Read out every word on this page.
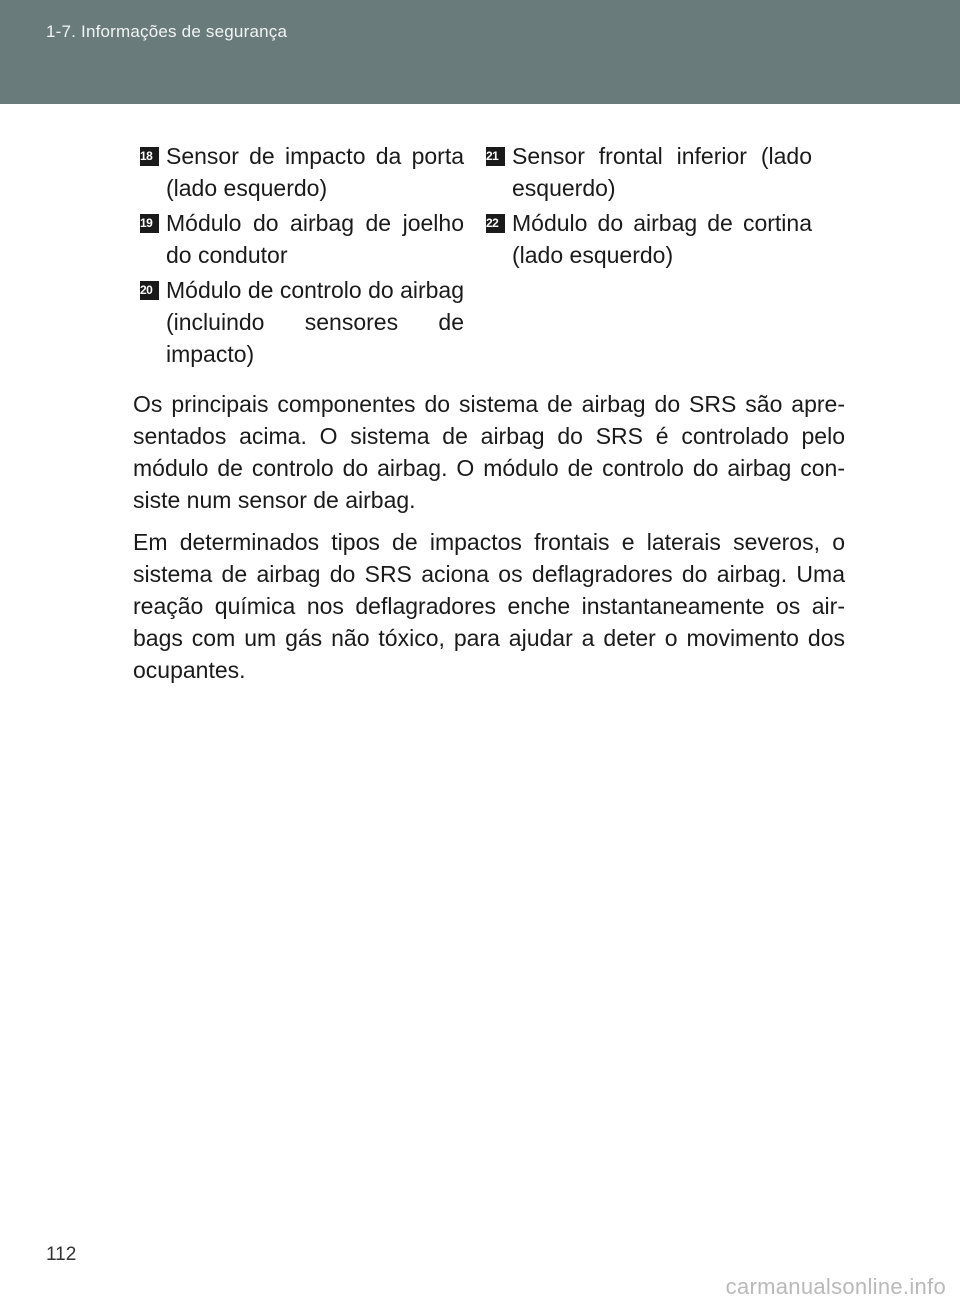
1-7. Informações de segurança
18 Sensor de impacto da porta (lado esquerdo)
19 Módulo do airbag de joelho do condutor
20 Módulo de controlo do airbag (incluindo sensores de impacto)
21 Sensor frontal inferior (lado esquerdo)
22 Módulo do airbag de cortina (lado esquerdo)

Os principais componentes do sistema de airbag do SRS são apresentados acima. O sistema de airbag do SRS é controlado pelo módulo de controlo do airbag. O módulo de controlo do airbag consiste num sensor de airbag.

Em determinados tipos de impactos frontais e laterais severos, o sistema de airbag do SRS aciona os deflagradores do airbag. Uma reação química nos deflagradores enche instantaneamente os airbags com um gás não tóxico, para ajudar a deter o movimento dos ocupantes.

112
carmanualsonline.info
